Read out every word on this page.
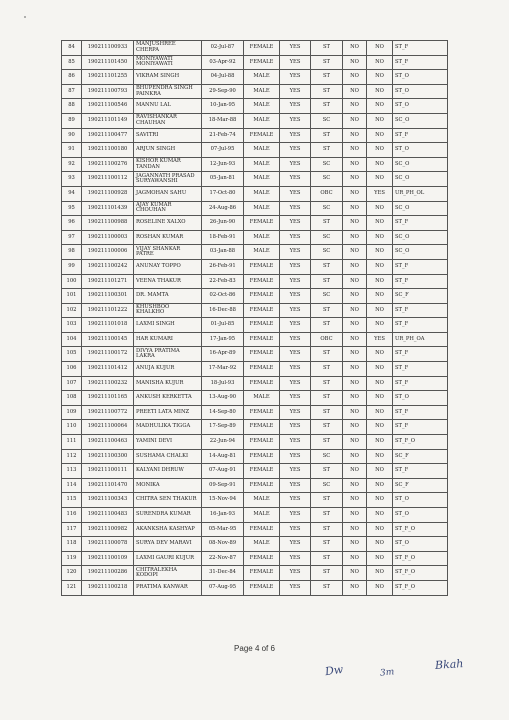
84	190211100933	MANJUSHREE CHERPA	02-Jul-87	FEMALE	YES	ST	NO	NO	ST_F
85	190211101450	MONIYAWATI MONIYAWATI	03-Apr-92	FEMALE	YES	ST	NO	NO	ST_F
86	190211101255	VIKRAM SINGH	04-Jul-88	MALE	YES	ST	NO	NO	ST_O
87	190211100793	BHUPENDRA SINGH PAINKRA	29-Sep-90	MALE	YES	ST	NO	NO	ST_O
88	190211100546	MANNU LAL	10-Jan-95	MALE	YES	ST	NO	NO	ST_O
89	190211101149	RAVISHANKAR CHAUHAN	18-Mar-88	MALE	YES	SC	NO	NO	SC_O
90	190211100477	SAVITRI	21-Feb-74	FEMALE	YES	ST	NO	NO	ST_F
91	190211100180	ARJUN SINGH	07-Jul-95	MALE	YES	ST	NO	NO	ST_O
92	190211100276	KISHOR KUMAR TANDAN	12-Jun-93	MALE	YES	SC	NO	NO	SC_O
93	190211100112	JAGANNATH PRASAD SURYAWANSHI	05-Jan-81	MALE	YES	SC	NO	NO	SC_O
94	190211100928	JAGMOHAN SAHU	17-Oct-80	MALE	YES	OBC	NO	YES	UR_PH_OL
95	190211101439	AJAY KUMAR CHOUHAN	24-Aug-86	MALE	YES	SC	NO	NO	SC_O
96	190211100988	ROSELINE XALXO	26-Jun-90	FEMALE	YES	ST	NO	NO	ST_F
97	190211100003	ROSHAN KUMAR	18-Feb-91	MALE	YES	SC	NO	NO	SC_O
98	190211100006	VIJAY SHANKAR PATRE	03-Jan-88	MALE	YES	SC	NO	NO	SC_O
99	190211100242	ANUNAY TOPPO	26-Feb-91	FEMALE	YES	ST	NO	NO	ST_F
100	190211101271	VEENA THAKUR	22-Feb-83	FEMALE	YES	ST	NO	NO	ST_F
101	190211100301	DR. MAMTA	02-Oct-86	FEMALE	YES	SC	NO	NO	SC_F
102	190211101222	KHUSHBOO KHALKHO	16-Dec-88	FEMALE	YES	ST	NO	NO	ST_F
103	190211101018	LAXMI SINGH	01-Jul-85	FEMALE	YES	ST	NO	NO	ST_F
104	190211100145	HAR KUMARI	17-Jan-95	FEMALE	YES	OBC	NO	YES	UR_PH_OA
105	190211100172	DIVYA PRATIMA LAKRA	16-Apr-89	FEMALE	YES	ST	NO	NO	ST_F
106	190211101412	ANUJA KUJUR	17-Mar-92	FEMALE	YES	ST	NO	NO	ST_F
107	190211100232	MANISHA KUJUR	18-Jul-93	FEMALE	YES	ST	NO	NO	ST_F
108	190211101165	ANKUSH KERKETTA	13-Aug-90	MALE	YES	ST	NO	NO	ST_O
109	190211100772	PREETI LATA MINZ	14-Sep-80	FEMALE	YES	ST	NO	NO	ST_F
110	190211100064	MADHULIKA TIGGA	17-Sep-89	FEMALE	YES	ST	NO	NO	ST_F
111	190211100463	YAMINI DEVI	22-Jun-94	FEMALE	YES	ST	NO	NO	ST_F_O
112	190211100300	SUSHAMA CHALKI	14-Aug-81	FEMALE	YES	SC	NO	NO	SC_F
113	190211100111	KALYANI DHRUW	07-Aug-91	FEMALE	YES	ST	NO	NO	ST_F
114	190211101470	MONIKA	09-Sep-91	FEMALE	YES	SC	NO	NO	SC_F
115	190211100343	CHITRA SEN THAKUR	15-Nov-94	MALE	YES	ST	NO	NO	ST_O
116	190211100483	SURENDRA KUMAR	16-Jan-93	MALE	YES	ST	NO	NO	ST_O
117	190211100982	AKANKSHA KASHYAP	05-Mar-95	FEMALE	YES	ST	NO	NO	ST_F_O
118	190211100078	SURYA DEV MARAVI	08-Nov-89	MALE	YES	ST	NO	NO	ST_O
119	190211100109	LAXMI GAURI KUJUR	22-Nov-87	FEMALE	YES	ST	NO	NO	ST_F_O
120	190211100286	CHITRALEKHA KODOPI	31-Dec-84	FEMALE	YES	ST	NO	NO	ST_F_O
121	190211100218	PRATIMA KANWAR	07-Aug-95	FEMALE	YES	ST	NO	NO	ST_F_O
Page 4 of 6
Dw	3m
Bkah
